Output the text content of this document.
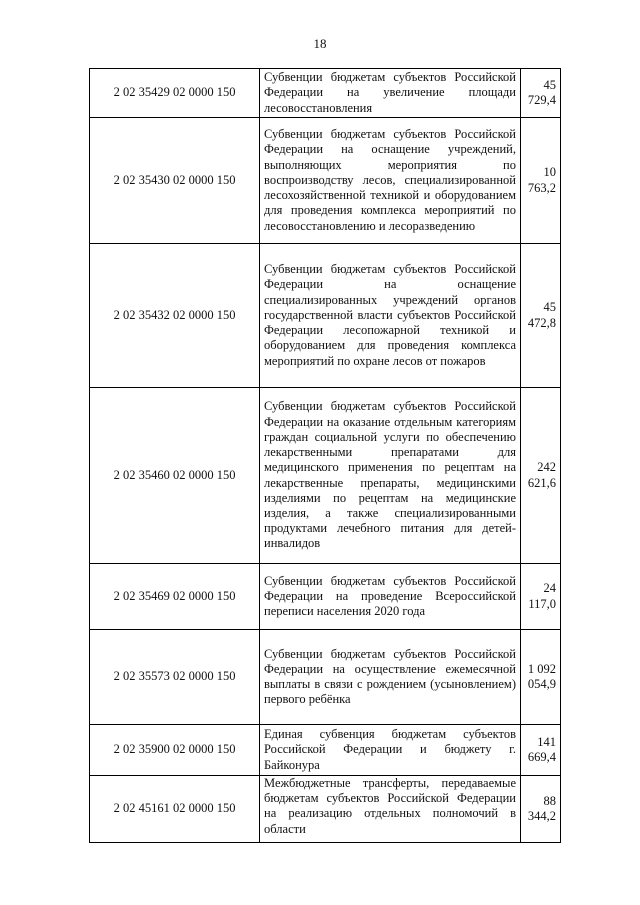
18
2 02 35429 02 0000 150	Субвенции бюджетам субъектов Российской Федерации на увеличение площади лесовосстановления	45 729,4
2 02 35430 02 0000 150	Субвенции бюджетам субъектов Российской Федерации на оснащение учреждений, выполняющих мероприятия по воспроизводству лесов, специализированной лесохозяйственной техникой и оборудованием для проведения комплекса мероприятий по лесовосстановлению и лесоразведению	10 763,2
2 02 35432 02 0000 150	Субвенции бюджетам субъектов Российской Федерации на оснащение специализированных учреждений органов государственной власти субъектов Российской Федерации лесопожарной техникой и оборудованием для проведения комплекса мероприятий по охране лесов от пожаров	45 472,8
2 02 35460 02 0000 150	Субвенции бюджетам субъектов Российской Федерации на оказание отдельным категориям граждан социальной услуги по обеспечению лекарственными препаратами для медицинского применения по рецептам на лекарственные препараты, медицинскими изделиями по рецептам на медицинские изделия, а также специализированными продуктами лечебного питания для детей-инвалидов	242 621,6
2 02 35469 02 0000 150	Субвенции бюджетам субъектов Российской Федерации на проведение Всероссийской переписи населения 2020 года	24 117,0
2 02 35573 02 0000 150	Субвенции бюджетам субъектов Российской Федерации на осуществление ежемесячной выплаты в связи с рождением (усыновлением) первого ребёнка	1 092 054,9
2 02 35900 02 0000 150	Единая субвенция бюджетам субъектов Российской Федерации и бюджету г. Байконура	141 669,4
2 02 45161 02 0000 150	Межбюджетные трансферты, передаваемые бюджетам субъектов Российской Федерации на реализацию отдельных полномочий в области	88 344,2
